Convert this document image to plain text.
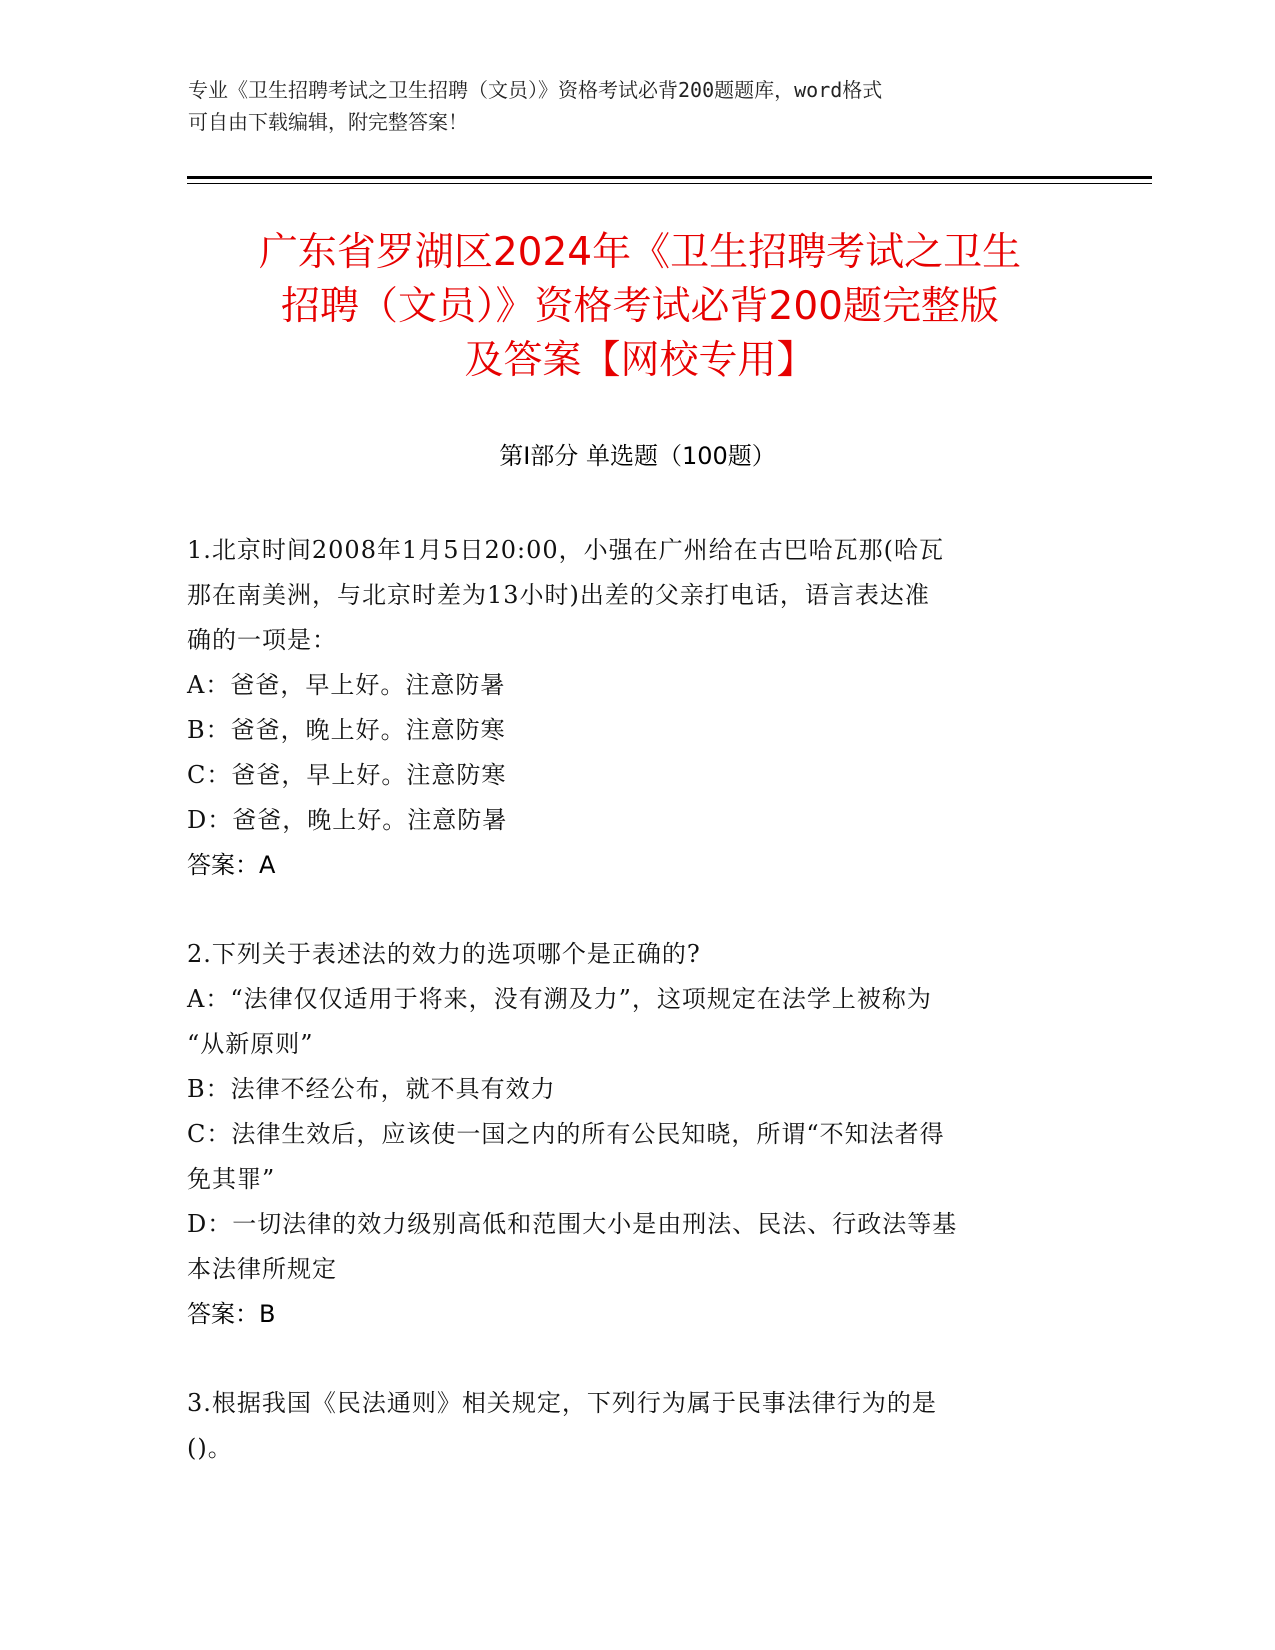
专业《卫生招聘考试之卫生招聘（文员）》资格考试必背200题题库，word格式
可自由下载编辑，附完整答案！
广东省罗湖区2024年《卫生招聘考试之卫生
招聘（文员）》资格考试必背200题完整版
及答案【网校专用】
第Ⅰ部分 单选题（100题）
1.北京时间2008年1月5日20:00，小强在广州给在古巴哈瓦那(哈瓦
那在南美洲，与北京时差为13小时)出差的父亲打电话，语言表达准
确的一项是：
A：爸爸，早上好。注意防暑
B：爸爸，晚上好。注意防寒
C：爸爸，早上好。注意防寒
D：爸爸，晚上好。注意防暑
答案：A
2.下列关于表述法的效力的选项哪个是正确的?
A：“法律仅仅适用于将来，没有溯及力”，这项规定在法学上被称为
“从新原则”
B：法律不经公布，就不具有效力
C：法律生效后，应该使一国之内的所有公民知晓，所谓“不知法者得
免其罪”
D：一切法律的效力级别高低和范围大小是由刑法、民法、行政法等基
本法律所规定
答案：B
3.根据我国《民法通则》相关规定，下列行为属于民事法律行为的是
()。
